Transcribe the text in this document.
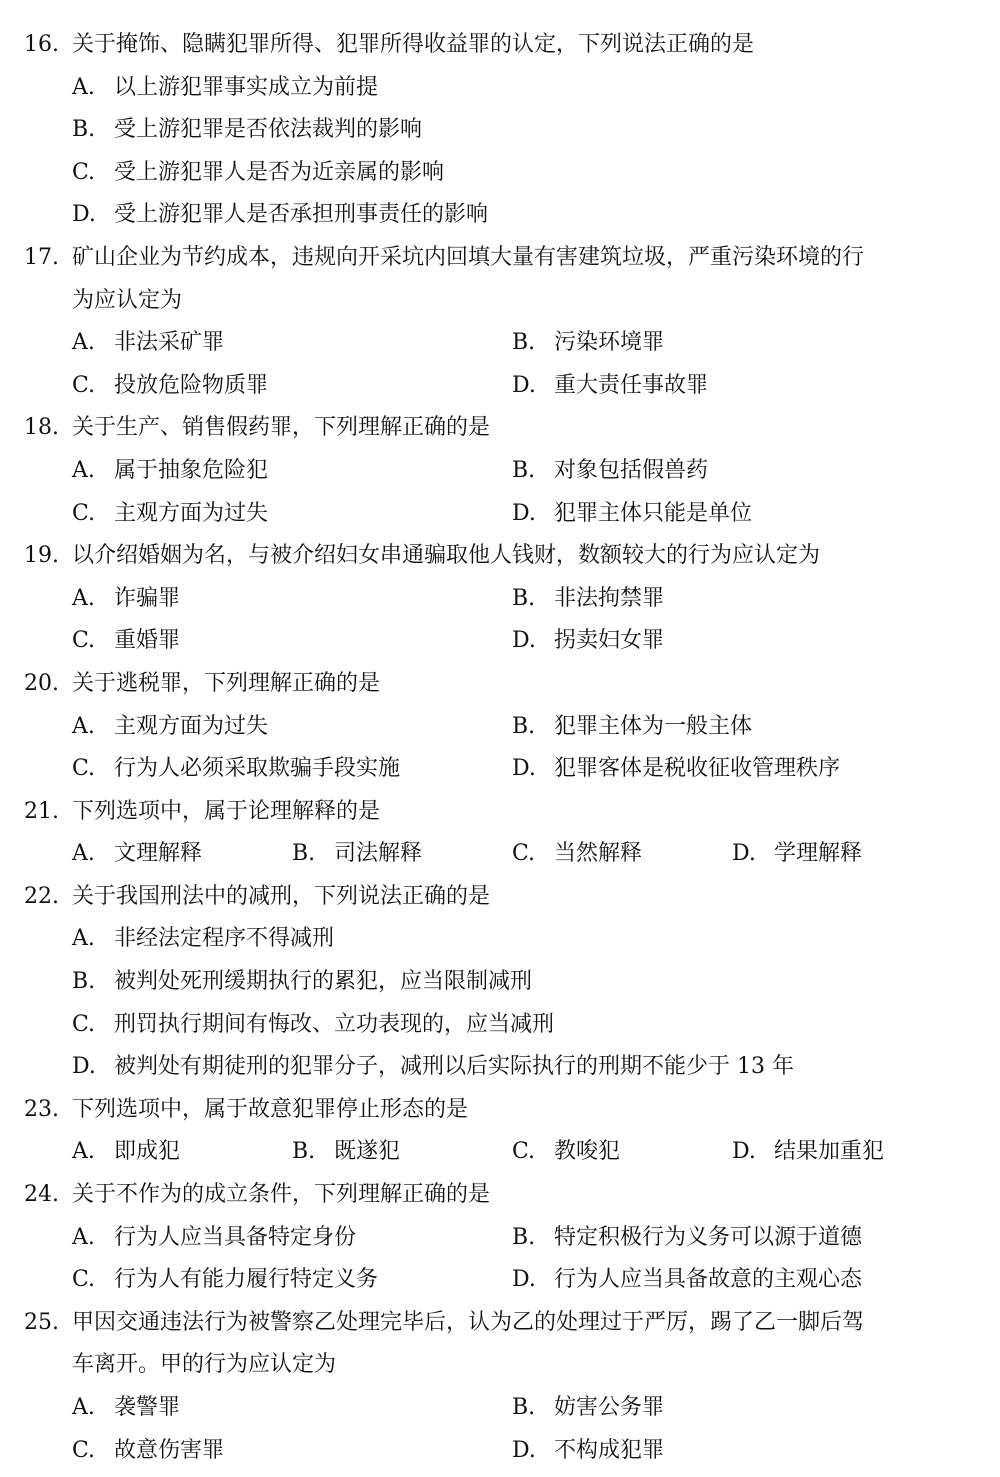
16. 关于掩饰、隐瞒犯罪所得、犯罪所得收益罪的认定，下列说法正确的是
A. 以上游犯罪事实成立为前提
B. 受上游犯罪是否依法裁判的影响
C. 受上游犯罪人是否为近亲属的影响
D. 受上游犯罪人是否承担刑事责任的影响
17. 矿山企业为节约成本，违规向开采坑内回填大量有害建筑垃圾，严重污染环境的行
为应认定为
A. 非法采矿罪	B. 污染环境罪
C. 投放危险物质罪	D. 重大责任事故罪
18. 关于生产、销售假药罪，下列理解正确的是
A. 属于抽象危险犯	B. 对象包括假兽药
C. 主观方面为过失	D. 犯罪主体只能是单位
19. 以介绍婚姻为名，与被介绍妇女串通骗取他人钱财，数额较大的行为应认定为
A. 诈骗罪	B. 非法拘禁罪
C. 重婚罪	D. 拐卖妇女罪
20. 关于逃税罪，下列理解正确的是
A. 主观方面为过失	B. 犯罪主体为一般主体
C. 行为人必须采取欺骗手段实施	D. 犯罪客体是税收征收管理秩序
21. 下列选项中，属于论理解释的是
A. 文理解释	B. 司法解释	C. 当然解释	D. 学理解释
22. 关于我国刑法中的减刑，下列说法正确的是
A. 非经法定程序不得减刑
B. 被判处死刑缓期执行的累犯，应当限制减刑
C. 刑罚执行期间有悔改、立功表现的，应当减刑
D. 被判处有期徒刑的犯罪分子，减刑以后实际执行的刑期不能少于 13 年
23. 下列选项中，属于故意犯罪停止形态的是
A. 即成犯	B. 既遂犯	C. 教唆犯	D. 结果加重犯
24. 关于不作为的成立条件，下列理解正确的是
A. 行为人应当具备特定身份	B. 特定积极行为义务可以源于道德
C. 行为人有能力履行特定义务	D. 行为人应当具备故意的主观心态
25. 甲因交通违法行为被警察乙处理完毕后，认为乙的处理过于严厉，踢了乙一脚后驾
车离开。甲的行为应认定为
A. 袭警罪	B. 妨害公务罪
C. 故意伤害罪	D. 不构成犯罪
